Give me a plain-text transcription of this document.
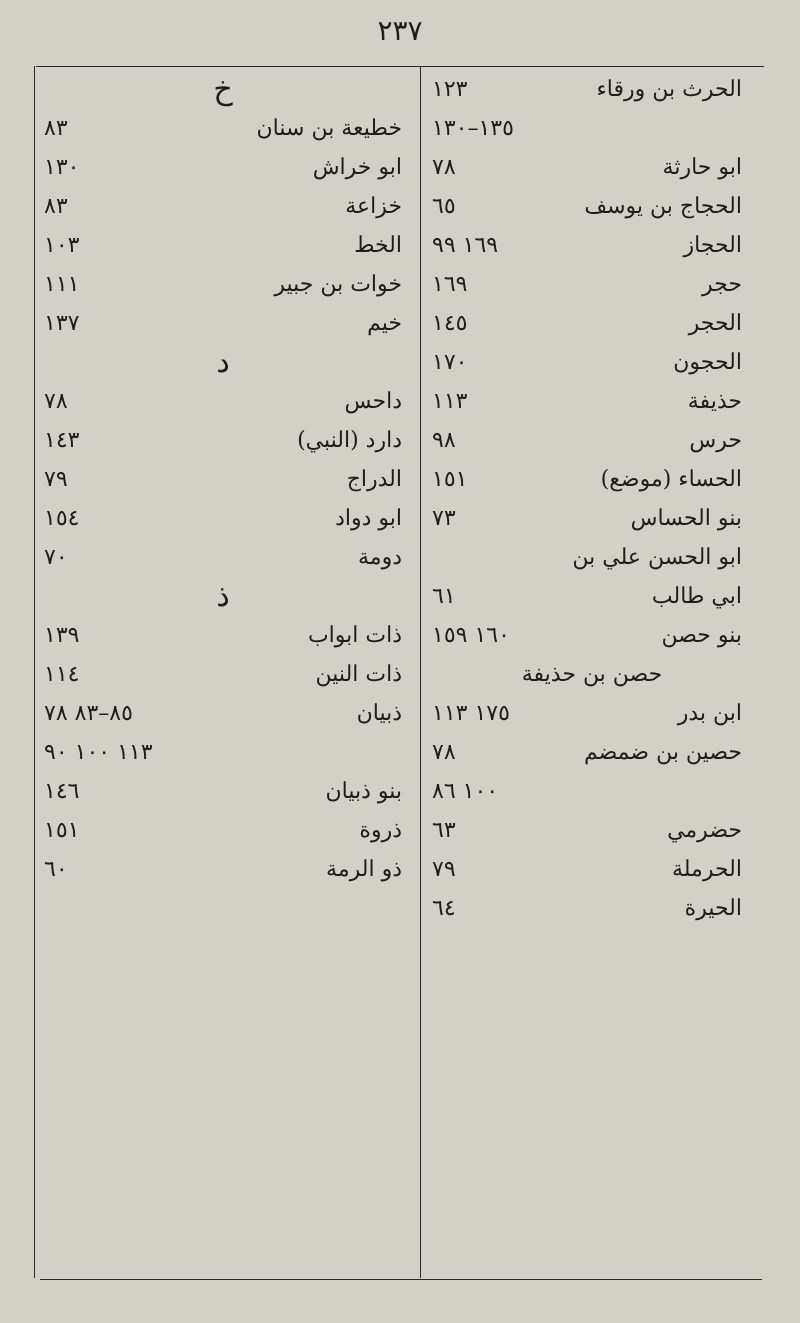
٢٣٧
خ
٨٣	خطيعة بن سنان
١٣٠	ابو خراش
٨٣	خزاعة
١٠٣	الخط
١١١	خوات بن جبير
١٣٧	خيم
د
٧٨	داحس
١٤٣	دارد (النبي)
٧٩	الدراج
١٥٤	ابو دواد
٧٠	دومة
ذ
١٣٩	ذات ابواب
١١٤	ذات النين
٨٥–٨٣ ٧٨	ذبيان
١١٣ ١٠٠ ٩٠
١٤٦	بنو ذبيان
١٥١	ذروة
٦٠	ذو الرمة
١٢٣	الحرث بن ورقاء
١٣٥–١٣٠
٧٨	ابو حارثة
٦٥	الحجاج بن يوسف
١٦٩ ٩٩	الحجاز
١٦٩	حجر
١٤٥	الحجر
١٧٠	الحجون
١١٣	حذيفة
٩٨	حرس
١٥١	الحساء (موضع)
٧٣	بنو الحساس
ابو الحسن علي بن
٦١	ابي طالب
١٦٠ ١٥٩	بنو حصن
حصن بن حذيفة
١٧٥ ١١٣	ابن بدر
٧٨	حصين بن ضمضم
١٠٠ ٨٦
٦٣	حضرمي
٧٩	الحرملة
٦٤	الحيرة
